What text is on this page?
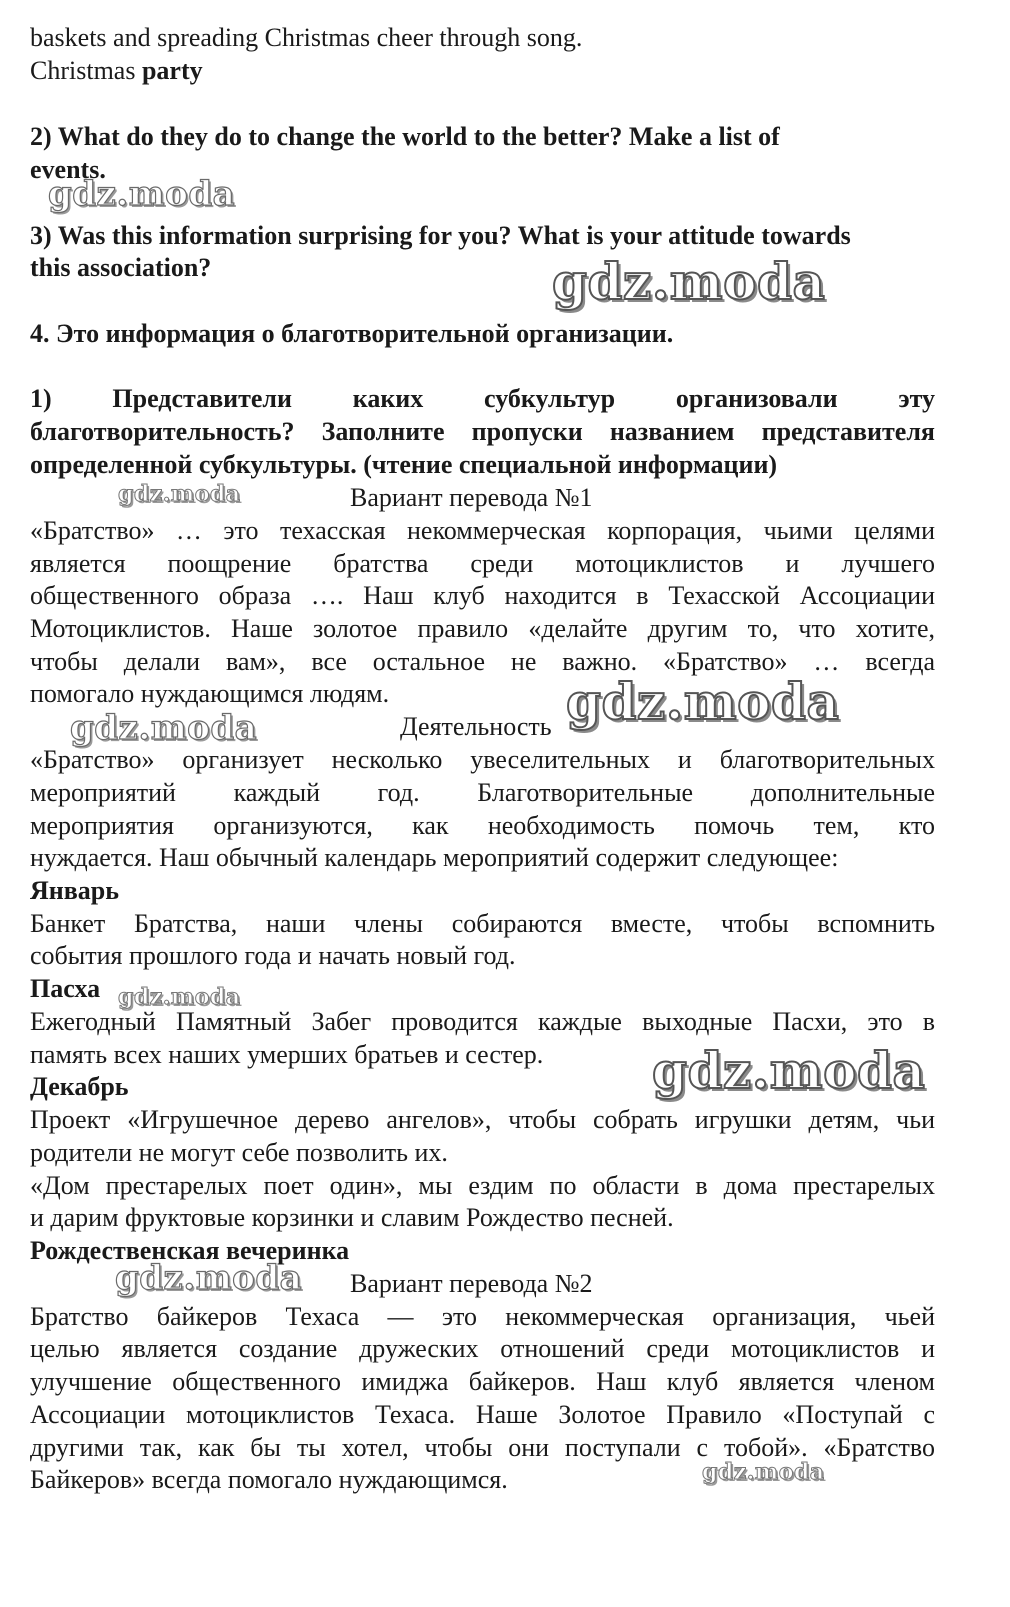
baskets and spreading Christmas cheer through song.
Christmas party
2) What do they do to change the world to the better? Make a list of
events.
3) Was this information surprising for you? What is your attitude towards
this association?
4. Это информация о благотворительной организации.
1) Представители каких субкультур организовали эту
благотворительность? Заполните пропуски названием представителя
определенной субкультуры. (чтение специальной информации)
Вариант перевода №1
«Братство» … это техасская некоммерческая корпорация, чьими целями
является поощрение братства среди мотоциклистов и лучшего
общественного образа …. Наш клуб находится в Техасской Ассоциации
Мотоциклистов. Наше золотое правило «делайте другим то, что хотите,
чтобы делали вам», все остальное не важно. «Братство» … всегда
помогало нуждающимся людям.
Деятельность
«Братство» организует несколько увеселительных и благотворительных
мероприятий каждый год. Благотворительные дополнительные
мероприятия организуются, как необходимость помочь тем, кто
нуждается. Наш обычный календарь мероприятий содержит следующее:
Январь
Банкет Братства, наши члены собираются вместе, чтобы вспомнить
события прошлого года и начать новый год.
Пасха
Ежегодный Памятный Забег проводится каждые выходные Пасхи, это в
память всех наших умерших братьев и сестер.
Декабрь
Проект «Игрушечное дерево ангелов», чтобы собрать игрушки детям, чьи
родители не могут себе позволить их.
«Дом престарелых поет один», мы ездим по области в дома престарелых
и дарим фруктовые корзинки и славим Рождество песней.
Рождественская вечеринка
Вариант перевода №2
Братство байкеров Техаса — это некоммерческая организация, чьей
целью является создание дружеских отношений среди мотоциклистов и
улучшение общественного имиджа байкеров. Наш клуб является членом
Ассоциации мотоциклистов Техаса. Наше Золотое Правило «Поступай с
другими так, как бы ты хотел, чтобы они поступали с тобой». «Братство
Байкеров» всегда помогало нуждающимся.
gdz.moda
gdz.moda
gdz.moda
gdz.moda	gdz.moda
gdz.moda
gdz.moda
gdz.moda
gdz.moda
